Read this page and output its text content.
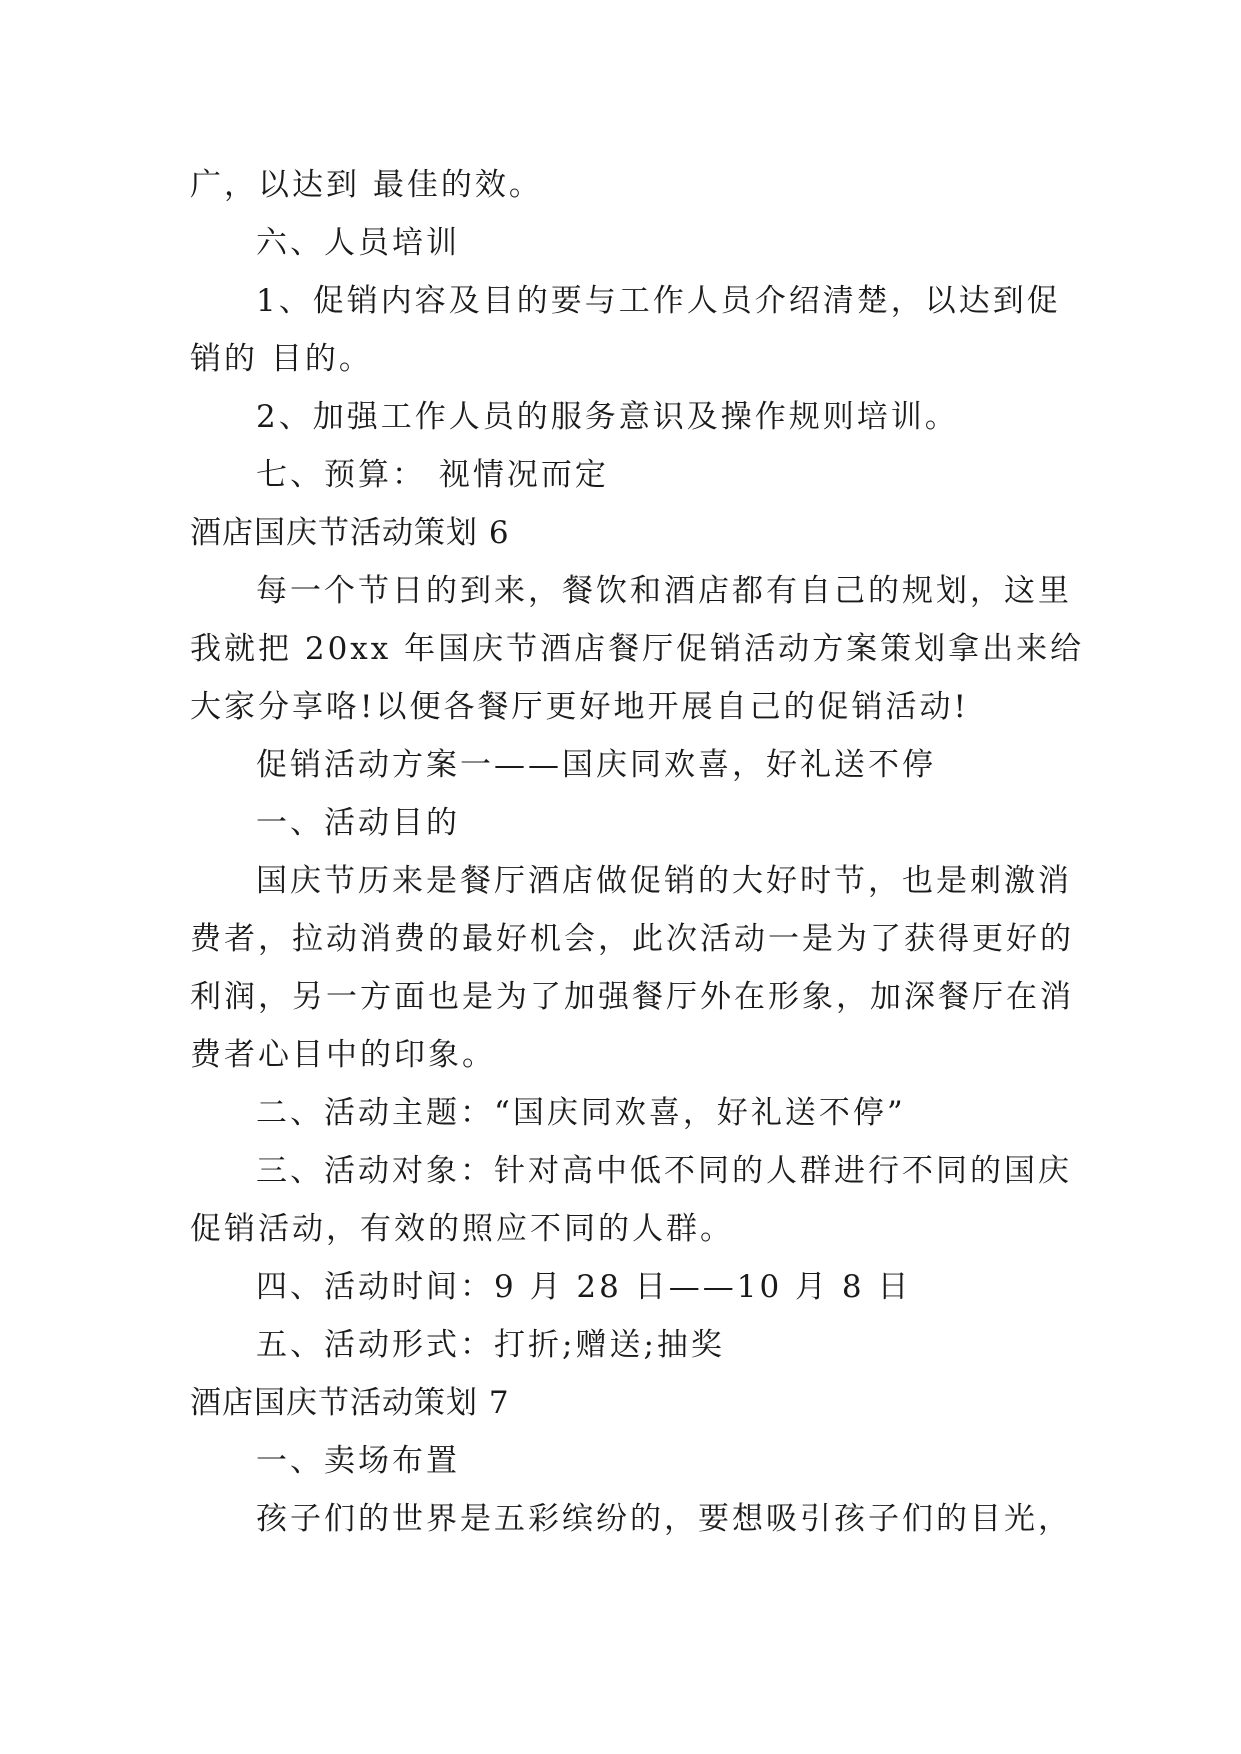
广，以达到 最佳的效。
六、人员培训
1、促销内容及目的要与工作人员介绍清楚，以达到促
销的 目的。
2、加强工作人员的服务意识及操作规则培训。
七、预算： 视情况而定
酒店国庆节活动策划 6
每一个节日的到来，餐饮和酒店都有自己的规划，这里
我就把 20xx 年国庆节酒店餐厅促销活动方案策划拿出来给
大家分享咯!以便各餐厅更好地开展自己的促销活动!
促销活动方案一——国庆同欢喜，好礼送不停
一、活动目的
国庆节历来是餐厅酒店做促销的大好时节，也是刺激消
费者，拉动消费的最好机会，此次活动一是为了获得更好的
利润，另一方面也是为了加强餐厅外在形象，加深餐厅在消
费者心目中的印象。
二、活动主题：“国庆同欢喜，好礼送不停”
三、活动对象：针对高中低不同的人群进行不同的国庆
促销活动，有效的照应不同的人群。
四、活动时间：9 月 28 日——10 月 8 日
五、活动形式：打折;赠送;抽奖
酒店国庆节活动策划 7
一、卖场布置
孩子们的世界是五彩缤纷的，要想吸引孩子们的目光，
